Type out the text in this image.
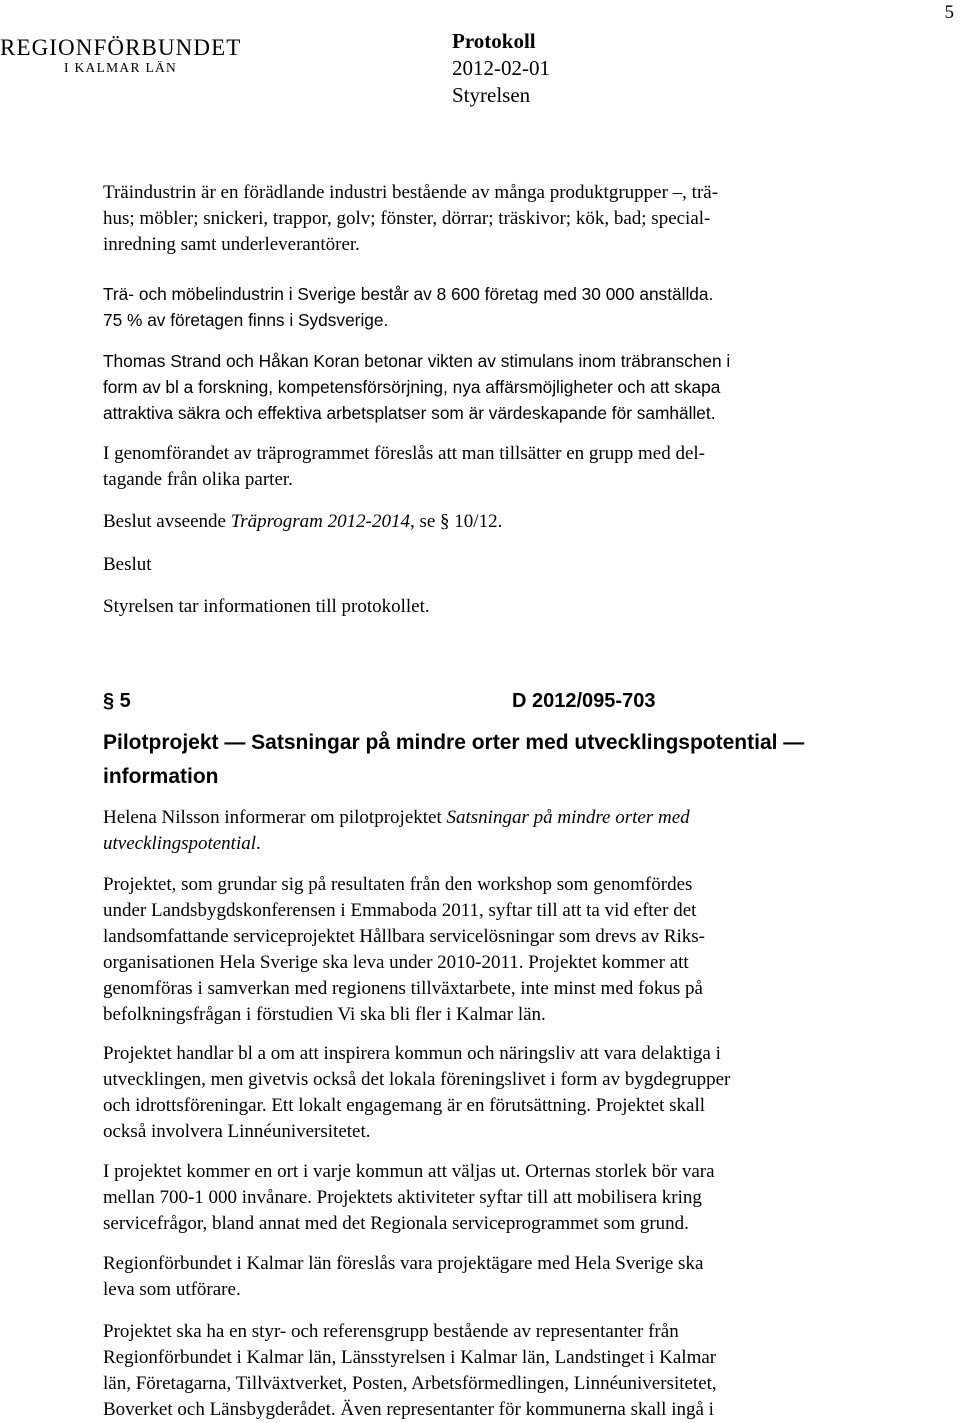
5
REGIONFÖRBUNDET
I KALMAR LÄN
Protokoll
2012-02-01
Styrelsen
Träindustrin är en förädlande industri bestående av många produktgrupper –, trä-
hus; möbler; snickeri, trappor, golv; fönster, dörrar; träskivor; kök, bad; special-
inredning samt underleverantörer.
Trä- och möbelindustrin i Sverige består av 8 600 företag med 30 000 anställda.
75 % av företagen finns i Sydsverige.
Thomas Strand och Håkan Koran betonar vikten av stimulans inom träbranschen i
form av bl a forskning, kompetensförsörjning, nya affärsmöjligheter och att skapa
attraktiva säkra och effektiva arbetsplatser som är värdeskapande för samhället.
I genomförandet av träprogrammet föreslås att man tillsätter en grupp med del-
tagande från olika parter.
Beslut avseende Träprogram 2012-2014, se § 10/12.
Beslut
Styrelsen tar informationen till protokollet.
§ 5	D 2012/095-703
Pilotprojekt — Satsningar på mindre orter med utvecklingspotential —
information
Helena Nilsson informerar om pilotprojektet Satsningar på mindre orter med
utvecklingspotential.
Projektet, som grundar sig på resultaten från den workshop som genomfördes
under Landsbygdskonferensen i Emmaboda 2011, syftar till att ta vid efter det
landsomfattande serviceprojektet Hållbara servicelösningar som drevs av Riks-
organisationen Hela Sverige ska leva under 2010-2011. Projektet kommer att
genomföras i samverkan med regionens tillväxtarbete, inte minst med fokus på
befolkningsfrågan i förstudien Vi ska bli fler i Kalmar län.
Projektet handlar bl a om att inspirera kommun och näringsliv att vara delaktiga i
utvecklingen, men givetvis också det lokala föreningslivet i form av bygdegrupper
och idrottsföreningar. Ett lokalt engagemang är en förutsättning. Projektet skall
också involvera Linnéuniversitetet.
I projektet kommer en ort i varje kommun att väljas ut. Orternas storlek bör vara
mellan 700-1 000 invånare. Projektets aktiviteter syftar till att mobilisera kring
servicefrågor, bland annat med det Regionala serviceprogrammet som grund.
Regionförbundet i Kalmar län föreslås vara projektägare med Hela Sverige ska
leva som utförare.
Projektet ska ha en styr- och referensgrupp bestående av representanter från
Regionförbundet i Kalmar län, Länsstyrelsen i Kalmar län, Landstinget i Kalmar
län, Företagarna, Tillväxtverket, Posten, Arbetsförmedlingen, Linnéuniversitetet,
Boverket och Länsbygderådet. Även representanter för kommunerna skall ingå i
